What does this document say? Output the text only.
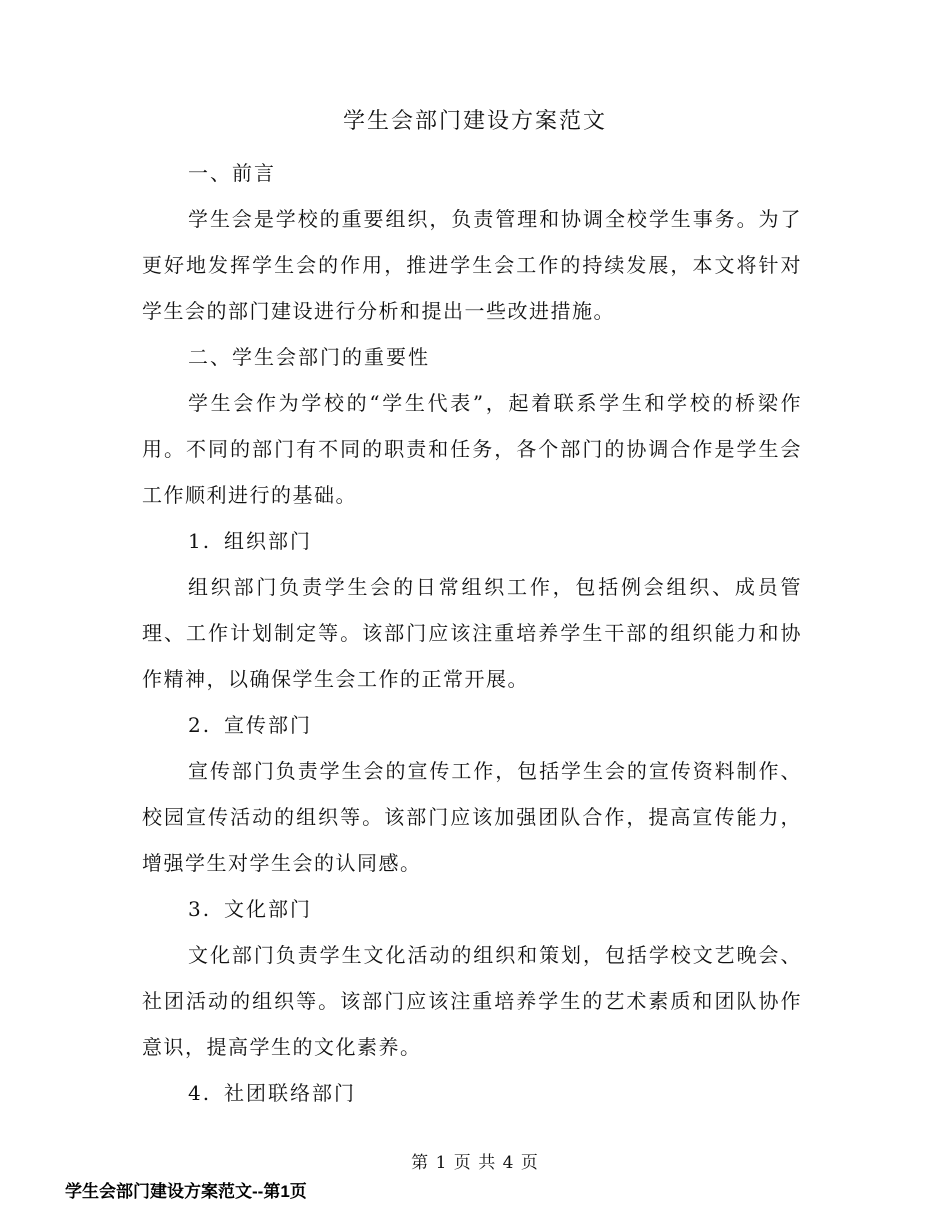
学生会部门建设方案范文
一、前言

学生会是学校的重要组织，负责管理和协调全校学生事务。为了更好地发挥学生会的作用，推进学生会工作的持续发展，本文将针对学生会的部门建设进行分析和提出一些改进措施。

二、学生会部门的重要性

学生会作为学校的“学生代表”，起着联系学生和学校的桥梁作用。不同的部门有不同的职责和任务，各个部门的协调合作是学生会工作顺利进行的基础。

1. 组织部门

组织部门负责学生会的日常组织工作，包括例会组织、成员管理、工作计划制定等。该部门应该注重培养学生干部的组织能力和协作精神，以确保学生会工作的正常开展。

2. 宣传部门

宣传部门负责学生会的宣传工作，包括学生会的宣传资料制作、校园宣传活动的组织等。该部门应该加强团队合作，提高宣传能力，增强学生对学生会的认同感。

3. 文化部门

文化部门负责学生文化活动的组织和策划，包括学校文艺晚会、社团活动的组织等。该部门应该注重培养学生的艺术素质和团队协作意识，提高学生的文化素养。

4. 社团联络部门
第 1 页 共 4 页
学生会部门建设方案范文--第1页
